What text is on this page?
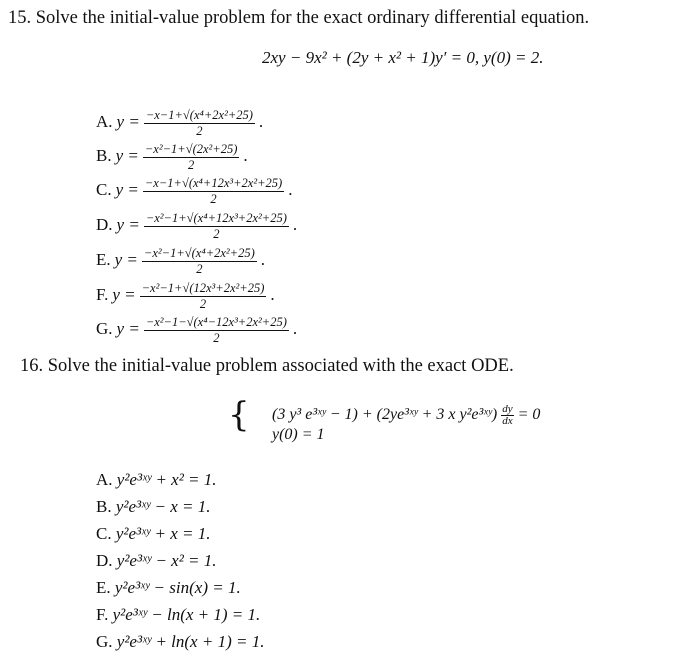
15. Solve the initial-value problem for the exact ordinary differential equation.
2xy − 9x² + (2y + x² + 1)y′ = 0, y(0) = 2.
A. $y = \frac{\text{−x−1+√(x⁴+2x²+25)}}{2}$ .
B. $y = \frac{\text{−x²−1+√(2x²+25)}}{2}$ .
C. $y = \frac{\text{−x−1+√(x⁴+12x³+2x²+25)}}{2}$ .
D. $y = \frac{\text{−x²−1+√(x⁴+12x³+2x²+25)}}{2}$ .
E. $y = \frac{\text{−x²−1+√(x⁴+2x²+25)}}{2}$ .
F. $y = \frac{\text{−x²−1+√(12x³+2x²+25)}}{2}$ .
G. $y = \frac{\text{−x²−1−√(x⁴−12x³+2x²+25)}}{2}$ .
16. Solve the initial-value problem associated with the exact ODE.
{ (3 y³ e³ˣʸ − 1) + (2ye³ˣʸ + 3 x y²e³ˣʸ) $\frac{dy}{dx} = 0$
y(0) = 1
A. y²e³ˣʸ + x² = 1.
B. y²e³ˣʸ − x = 1.
C. y²e³ˣʸ + x = 1.
D. y²e³ˣʸ − x² = 1.
E. y²e³ˣʸ − sin(x) = 1.
F. y²e³ˣʸ − ln(x + 1) = 1.
G. y²e³ˣʸ + ln(x + 1) = 1.
